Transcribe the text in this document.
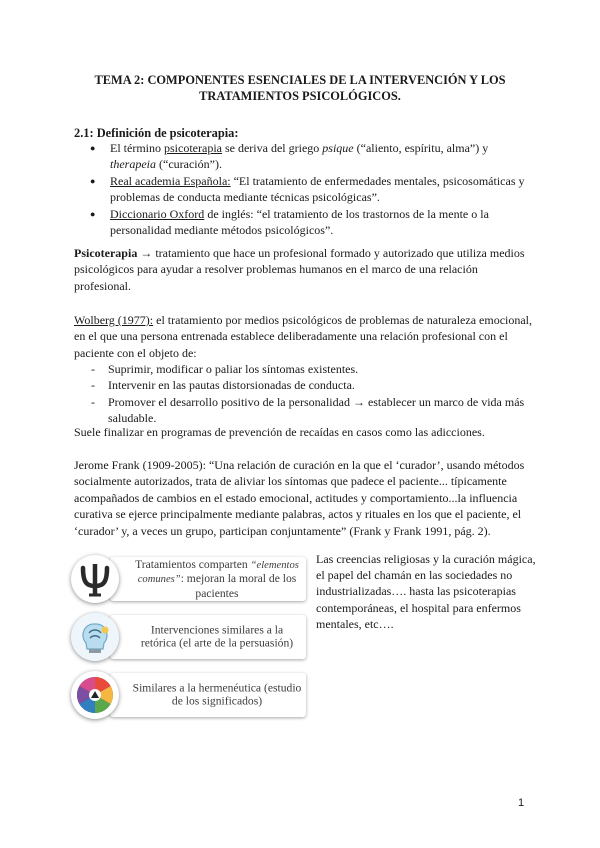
TEMA 2: COMPONENTES ESENCIALES DE LA INTERVENCIÓN Y LOS
TRATAMIENTOS PSICOLÓGICOS.
2.1: Definición de psicoterapia:
● El término psicoterapia se deriva del griego psique (“aliento, espíritu, alma”) y therapeia (“curación”).
● Real academia Española: “El tratamiento de enfermedades mentales, psicosomáticas y problemas de conducta mediante técnicas psicológicas”.
● Diccionario Oxford de inglés: “el tratamiento de los trastornos de la mente o la personalidad mediante métodos psicológicos”.
Psicoterapia → tratamiento que hace un profesional formado y autorizado que utiliza medios psicológicos para ayudar a resolver problemas humanos en el marco de una relación profesional.
Wolberg (1977): el tratamiento por medios psicológicos de problemas de naturaleza emocional, en el que una persona entrenada establece deliberadamente una relación profesional con el paciente con el objeto de:
- Suprimir, modificar o paliar los síntomas existentes.
- Intervenir en las pautas distorsionadas de conducta.
- Promover el desarrollo positivo de la personalidad → establecer un marco de vida más saludable.
Suele finalizar en programas de prevención de recaídas en casos como las adicciones.
Jerome Frank (1909-2005): “Una relación de curación en la que el ‘curador’, usando métodos socialmente autorizados, trata de aliviar los síntomas que padece el paciente... típicamente acompañados de cambios en el estado emocional, actitudes y comportamiento...la influencia curativa se ejerce principalmente mediante palabras, actos y rituales en los que el paciente, el ‘curador’ y, a veces un grupo, participan conjuntamente” (Frank y Frank 1991, pág. 2).
Tratamientos comparten “elementos comunes”: mejoran la moral de los pacientes
Intervenciones similares a la retórica (el arte de la persuasión)
Similares a la hermenéutica (estudio de los significados)
Las creencias religiosas y la curación mágica, el papel del chamán en las sociedades no industrializadas…. hasta las psicoterapias contemporáneas, el hospital para enfermos mentales, etc….
1
